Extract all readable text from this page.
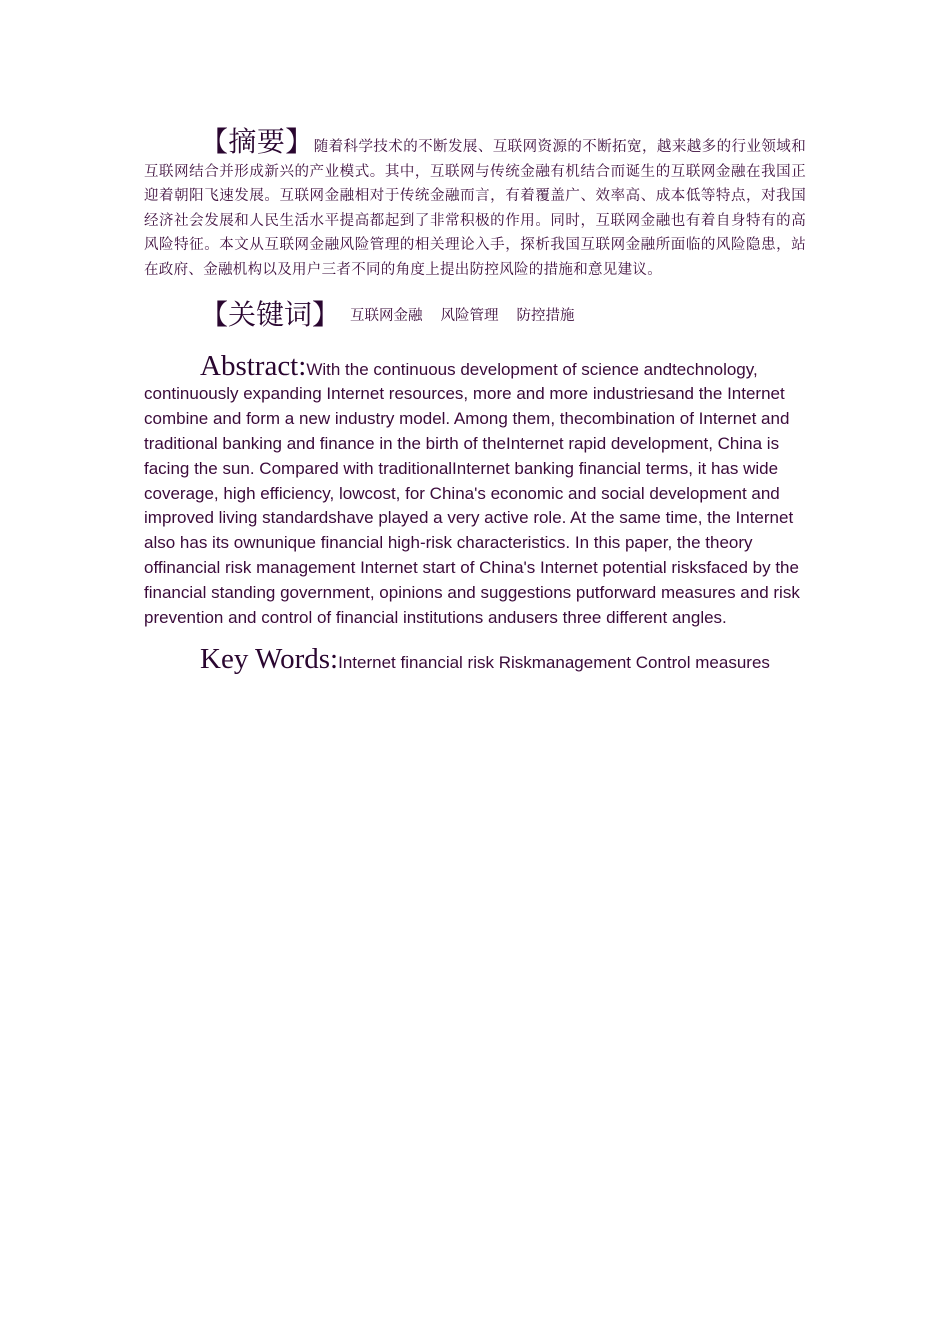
【摘要】随着科学技术的不断发展、互联网资源的不断拓宽，越来越多的行业领域和互联网结合并形成新兴的产业模式。其中，互联网与传统金融有机结合而诞生的互联网金融在我国正迎着朝阳飞速发展。互联网金融相对于传统金融而言，有着覆盖广、效率高、成本低等特点，对我国经济社会发展和人民生活水平提高都起到了非常积极的作用。同时，互联网金融也有着自身特有的高风险特征。本文从互联网金融风险管理的相关理论入手，探析我国互联网金融所面临的风险隐患，站在政府、金融机构以及用户三者不同的角度上提出防控风险的措施和意见建议。

【关键词】 互联网金融 风险管理 防控措施

Abstract:With the continuous development of science andtechnology, continuously expanding Internet resources, more and more industriesand the Internet combine and form a new industry model. Among them, thecombination of Internet and traditional banking and finance in the birth of theInternet rapid development, China is facing the sun. Compared with traditionalInternet banking financial terms, it has wide coverage, high efficiency, lowcost, for China's economic and social development and improved living standardshave played a very active role. At the same time, the Internet also has its ownunique financial high-risk characteristics. In this paper, the theory offinancial risk management Internet start of China's Internet potential risksfaced by the financial standing government, opinions and suggestions putforward measures and risk prevention and control of financial institutions andusers three different angles.

Key Words:Internet financial risk Riskmanagement Control measures
